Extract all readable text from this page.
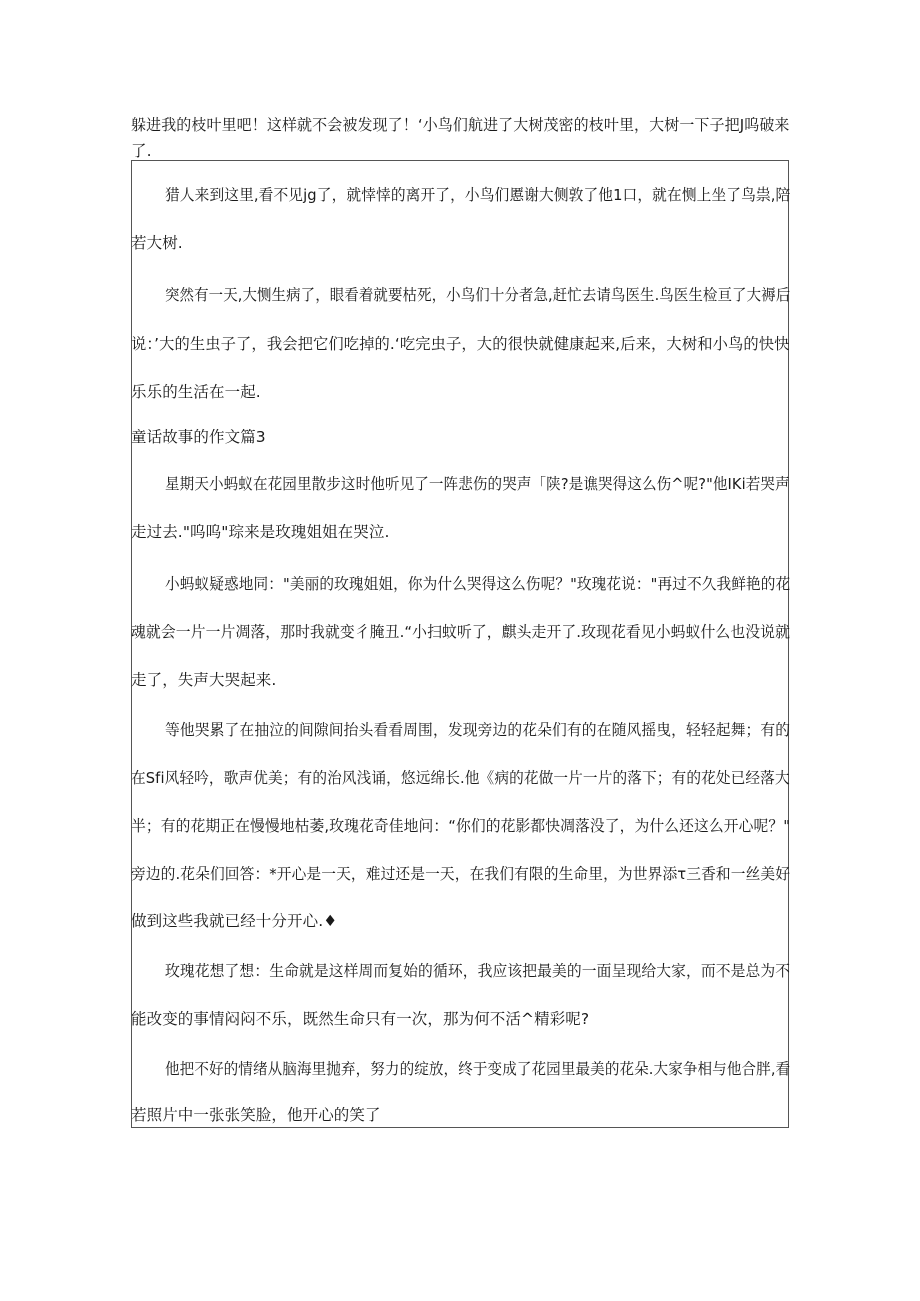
躲进我的枝叶里吧！这样就不会被发现了！‘小鸟们航进了大树茂密的枝叶里，大树一下子把J呜破来

了.

猎人来到这里,看不见jg了，就悻悻的离开了，小鸟们慝谢大侧敦了他1口，就在恻上坐了鸟祟,陪

若大树.

突然有一天,大恻生病了，眼看着就要枯死，小鸟们十分者急,赶忙去请鸟医生.鸟医生检亘了大褥后

说：’大的生虫子了，我会把它们吃掉的.‘吃完虫子，大的很快就健康起来,后来，大树和小鸟的快快

乐乐的生活在一起.

童话故事的作文篇3

星期天小蚂蚁在花园里散步这时他听见了一阵悲伤的哭声「陕?是谯哭得这么伤^呢?"他IKi若哭声

走过去."呜呜"琮来是玫瑰姐姐在哭泣.

小蚂蚁疑惑地同："美丽的玫瑰姐姐，你为什么哭得这么伤呢？"玫瑰花说："再过不久我鲜艳的花

魂就会一片一片凋落，那时我就变彳腌丑.“小扫蚊听了，麒头走开了.玫现花看见小蚂蚁什么也没说就

走了，失声大哭起来.

等他哭累了在抽泣的间隙间抬头看看周围，发现旁边的花朵们有的在随风摇曳，轻轻起舞；有的

在Sfi风轻吟，歌声优美；有的治风浅诵，悠远绵长.他《病的花做一片一片的落下；有的花处已经落大

半；有的花期正在慢慢地枯萎,玫瑰花奇佳地问：“你们的花影都快凋落没了，为什么还这么开心呢？"

旁边的.花朵们回答：*开心是一天，难过还是一天，在我们有限的生命里，为世界添τ三香和一丝美好

做到这些我就已经十分开心.♦

玫瑰花想了想：生命就是这样周而复始的循环，我应该把最美的一面呈现给大家，而不是总为不

能改变的事情闷闷不乐，既然生命只有一次，那为何不活^精彩呢?

他把不好的情绪从脑海里抛弃，努力的绽放，终于变成了花园里最美的花朵.大家争相与他合胖,看

若照片中一张张笑脸，他开心的笑了
